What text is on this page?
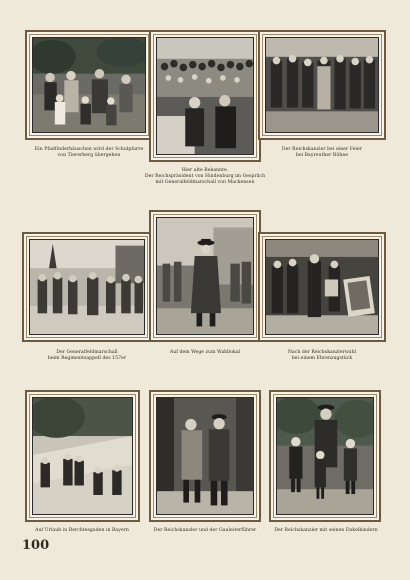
Ein Pfadfinderhäuschen wird der Schulpfarre
von Tiererberg übergeben
Hier alte Bekannte.
Der Reichspräsident von Hindenburg im Gespräch
mit Generalfeldmarschall von Mackensen
Der Reichskanzler bei einer Feier
bei Bayreuther Bühne
Der Generalfeldmarschall
beim Regimentsappell des 157er
Auf dem Wege zum Wahllokal	Nach der Reichskanzlerwahl
bei einem Ehrenzugstück
Auf Urlaub in Berchtesgaden in Bayern	Der Reichskanzler und der Gauleiterführer	Der Reichskanzler mit seinen Enkelkindern
100
